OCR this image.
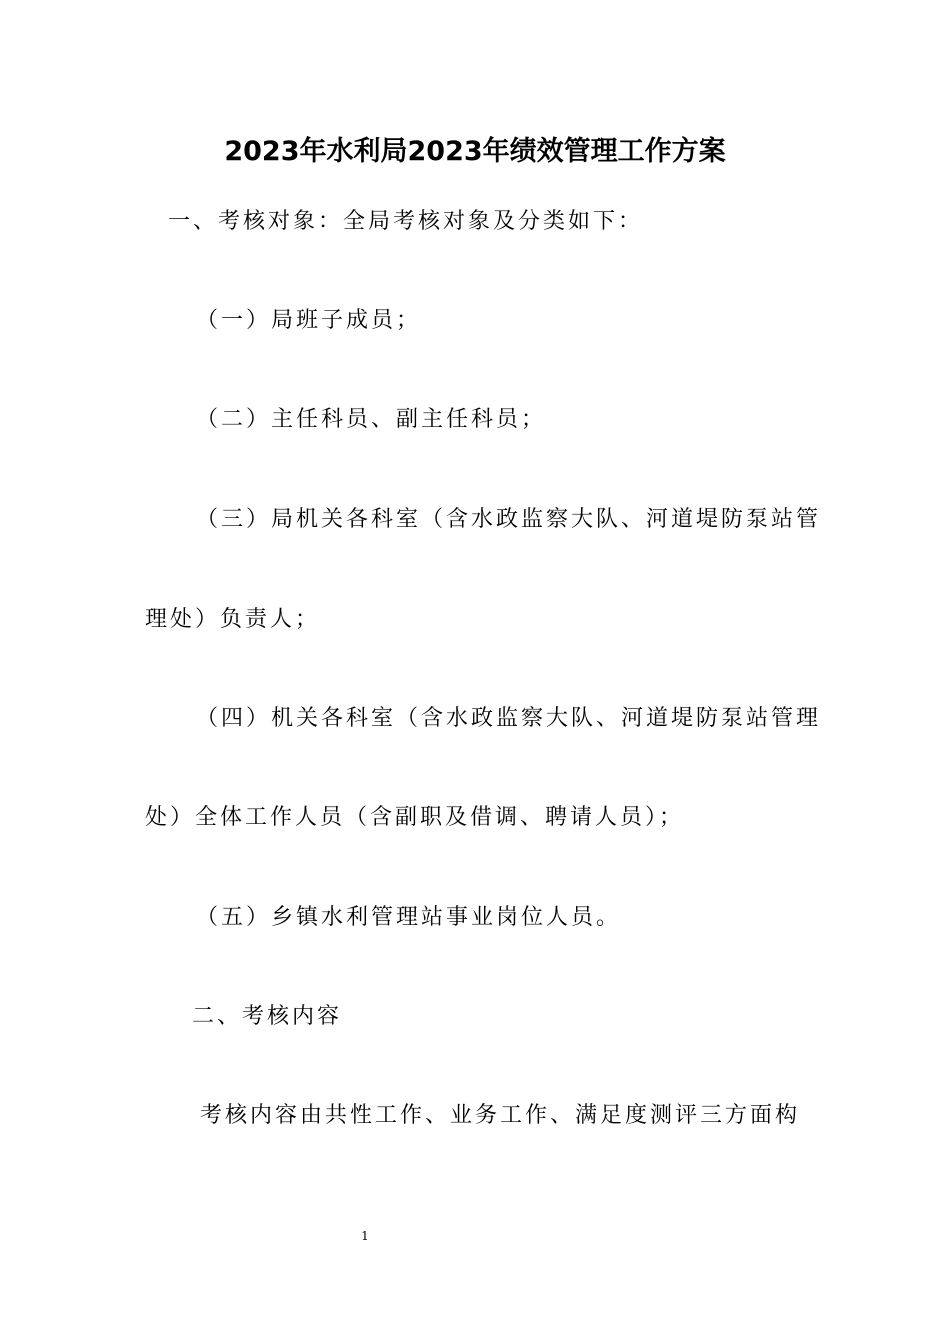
2023年水利局2023年绩效管理工作方案
一、考核对象：全局考核对象及分类如下：
（一）局班子成员；
（二）主任科员、副主任科员；
（三）局机关各科室（含水政监察大队、河道堤防泵站管
理处）负责人；
（四）机关各科室（含水政监察大队、河道堤防泵站管理
处）全体工作人员（含副职及借调、聘请人员）；
（五）乡镇水利管理站事业岗位人员。
二、考核内容
考核内容由共性工作、业务工作、满足度测评三方面构
1
